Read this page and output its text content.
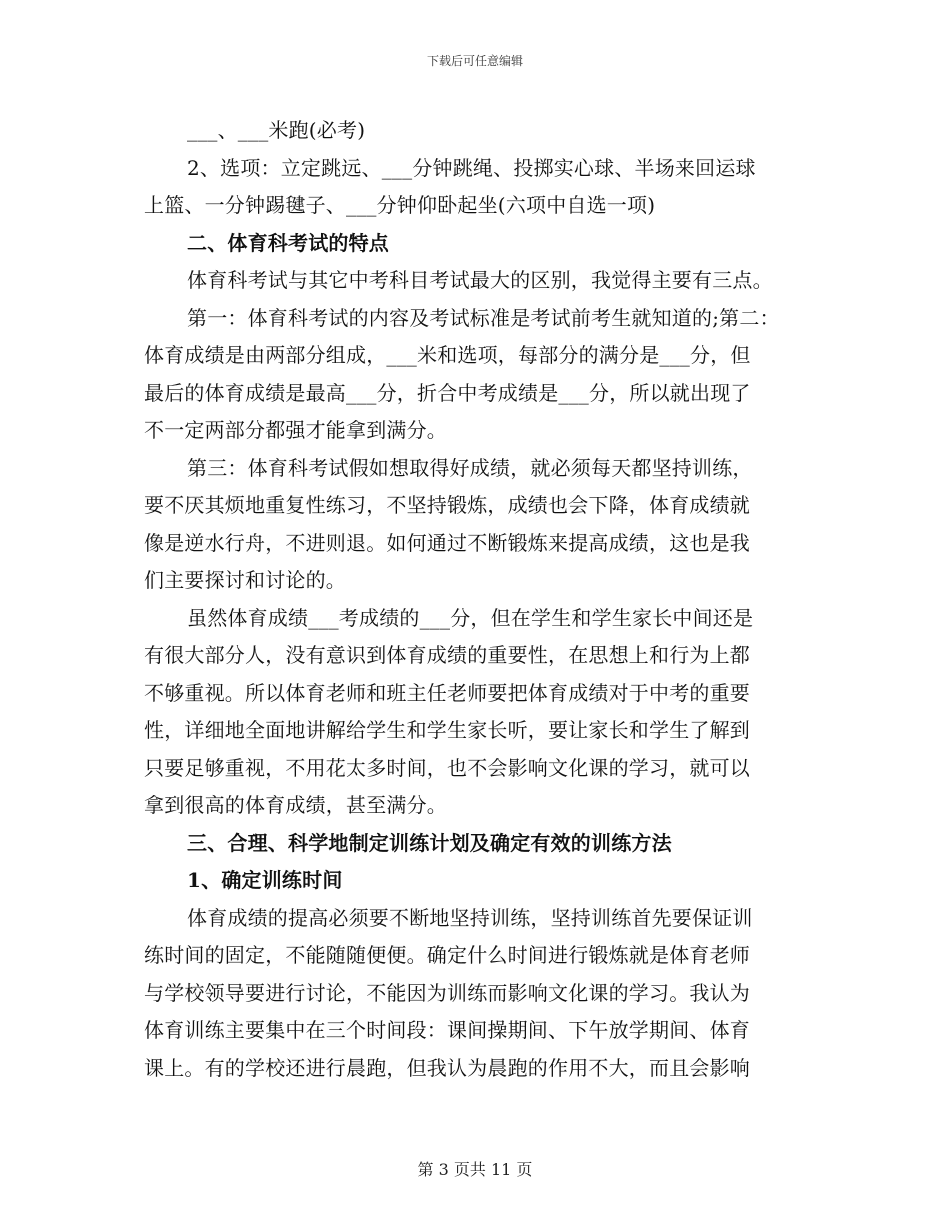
下载后可任意编辑
___、___米跑(必考)
2、选项：立定跳远、___分钟跳绳、投掷实心球、半场来回运球
上篮、一分钟踢毽子、___分钟仰卧起坐(六项中自选一项)
二、体育科考试的特点
体育科考试与其它中考科目考试最大的区别，我觉得主要有三点。
第一：体育科考试的内容及考试标准是考试前考生就知道的;第二：
体育成绩是由两部分组成，___米和选项，每部分的满分是___分，但
最后的体育成绩是最高___分，折合中考成绩是___分，所以就出现了
不一定两部分都强才能拿到满分。
第三：体育科考试假如想取得好成绩，就必须每天都坚持训练，
要不厌其烦地重复性练习，不坚持锻炼，成绩也会下降，体育成绩就
像是逆水行舟，不进则退。如何通过不断锻炼来提高成绩，这也是我
们主要探讨和讨论的。
虽然体育成绩___考成绩的___分，但在学生和学生家长中间还是
有很大部分人，没有意识到体育成绩的重要性，在思想上和行为上都
不够重视。所以体育老师和班主任老师要把体育成绩对于中考的重要
性，详细地全面地讲解给学生和学生家长听，要让家长和学生了解到
只要足够重视，不用花太多时间，也不会影响文化课的学习，就可以
拿到很高的体育成绩，甚至满分。
三、合理、科学地制定训练计划及确定有效的训练方法
1、确定训练时间
体育成绩的提高必须要不断地坚持训练，坚持训练首先要保证训
练时间的固定，不能随随便便。确定什么时间进行锻炼就是体育老师
与学校领导要进行讨论，不能因为训练而影响文化课的学习。我认为
体育训练主要集中在三个时间段：课间操期间、下午放学期间、体育
课上。有的学校还进行晨跑，但我认为晨跑的作用不大，而且会影响
第 3 页共 11 页
